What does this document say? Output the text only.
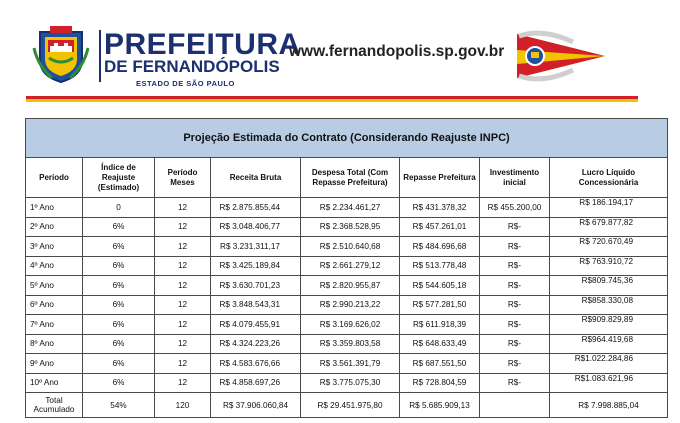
PREFEITURA
DE FERNANDÓPOLIS
ESTADO DE SÃO PAULO
www.fernandopolis.sp.gov.br
Projeção Estimada do Contrato (Considerando Reajuste INPC)							
Período	Índice de Reajuste (Estimado)	Período Meses	Receita Bruta	Despesa Total (Com Repasse Prefeitura)	Repasse Prefeitura	Investimento inicial	Lucro Líquido Concessionária
1º Ano	0	12	R$ 2.875.855,44	R$ 2.234.461,27	R$ 431.378,32	R$ 455.200,00	R$ 186.194,17
2º Ano	6%	12	R$ 3.048.406,77	R$ 2.368.528,95	R$ 457.261,01	R$-	R$ 679.877,82
3º Ano	6%	12	R$ 3.231.311,17	R$ 2.510.640,68	R$ 484.696,68	R$-	R$ 720.670,49
4º Ano	6%	12	R$ 3.425.189,84	R$ 2.661.279,12	R$ 513.778,48	R$-	R$ 763.910,72
5º Ano	6%	12	R$ 3.630.701,23	R$ 2.820.955,87	R$ 544.605,18	R$-	R$809.745,36
6º Ano	6%	12	R$ 3.848.543,31	R$ 2.990.213,22	R$ 577.281,50	R$-	R$858.330,08
7º Ano	6%	12	R$ 4.079.455,91	R$ 3.169.626,02	R$ 611.918,39	R$-	R$909.829,89
8º Ano	6%	12	R$ 4.324.223,26	R$ 3.359.803,58	R$ 648.633,49	R$-	R$964.419,68
9º Ano	6%	12	R$ 4.583.676,66	R$ 3.561.391,79	R$ 687.551,50	R$-	R$1.022.284,86
10º Ano	6%	12	R$ 4.858.697,26	R$ 3.775.075,30	R$ 728.804,59	R$-	R$1.083.621,96
Total Acumulado	54%	120	R$ 37.906.060,84	R$ 29.451.975,80	R$ 5.685.909,13		R$ 7.998.885,04
